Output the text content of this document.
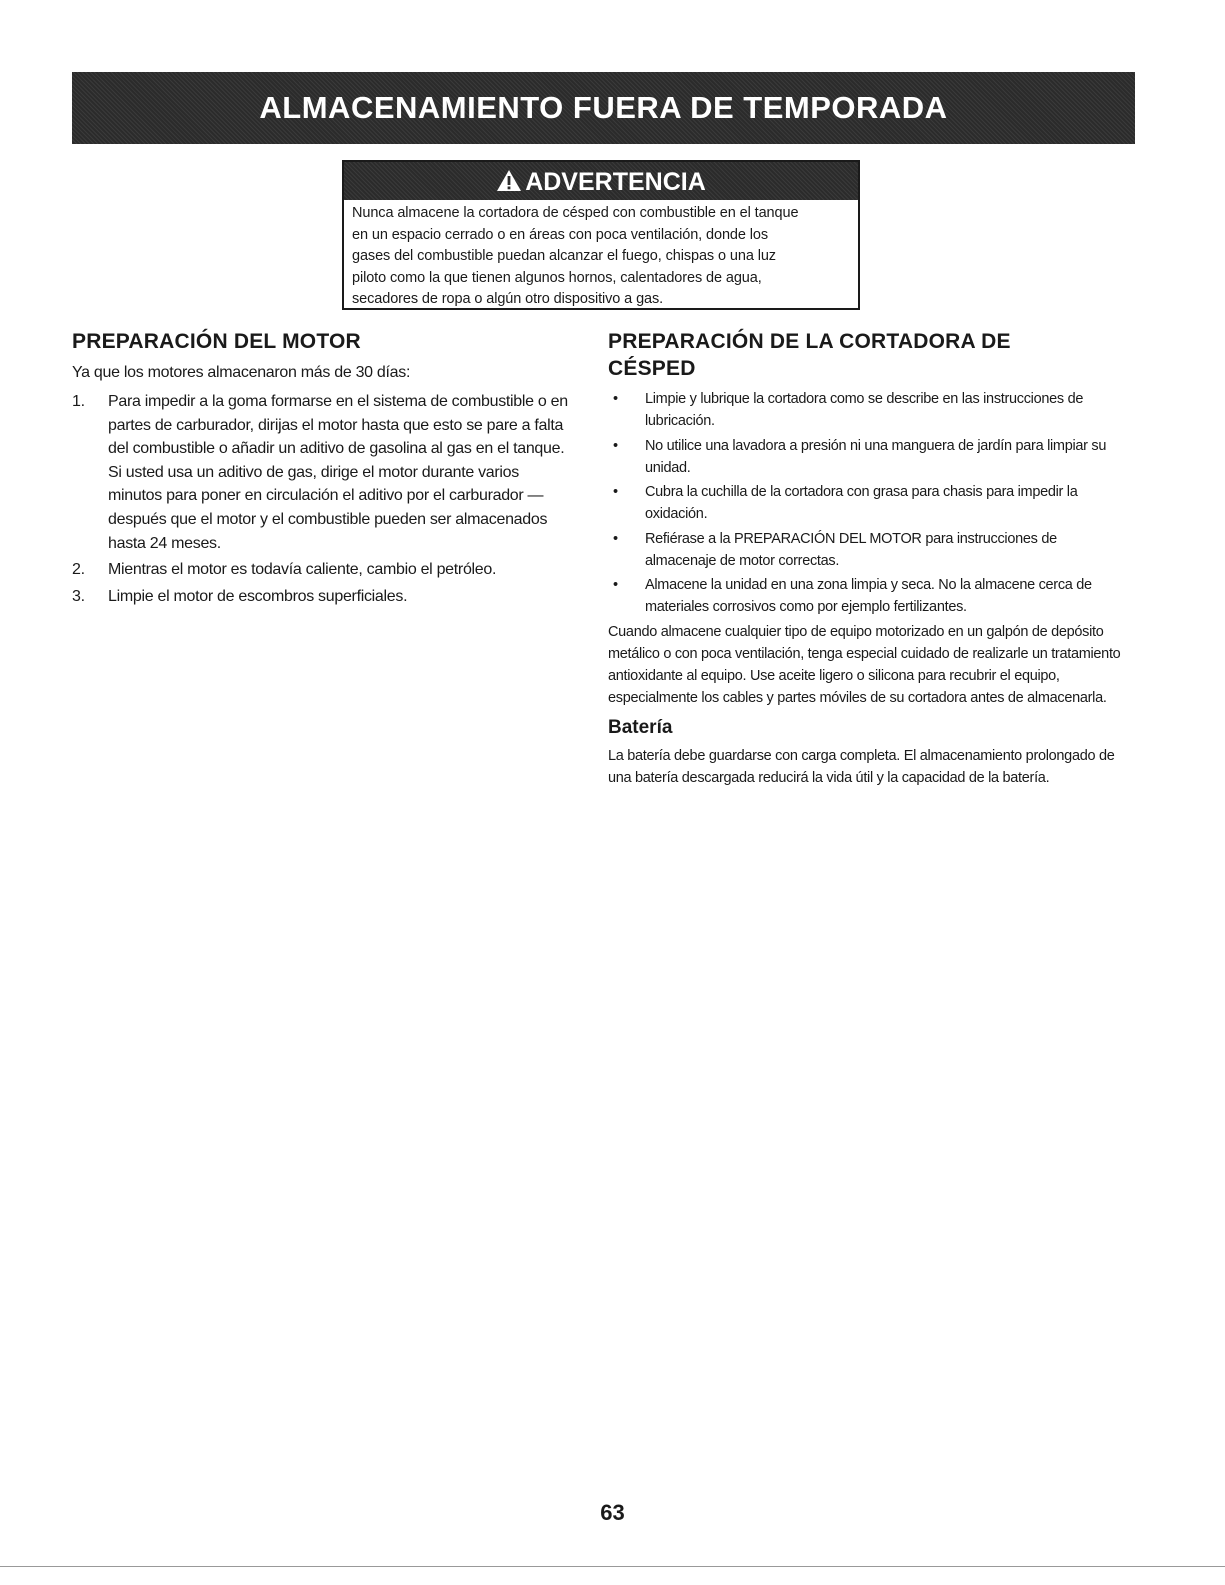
ALMACENAMIENTO FUERA DE TEMPORADA
ADVERTENCIA
Nunca almacene la cortadora de césped con combustible en el tanque
en un espacio cerrado o en áreas con poca ventilación, donde los
gases del combustible puedan alcanzar el fuego, chispas o una luz
piloto como la que tienen algunos hornos, calentadores de agua,
secadores de ropa o algún otro dispositivo a gas.
PREPARACIÓN DEL MOTOR

Ya que los motores almacenaron más de 30 días:

1. Para impedir a la goma formarse en el sistema de combustible o en partes de carburador, dirijas el motor hasta que esto se pare a falta del combustible o añadir un aditivo de gasolina al gas en el tanque. Si usted usa un aditivo de gas, dirige el motor durante varios minutos para poner en circulación el aditivo por el carburador — después que el motor y el combustible pueden ser almacenados hasta 24 meses.
2. Mientras el motor es todavía caliente, cambio el petróleo.
3. Limpie el motor de escombros superficiales.
PREPARACIÓN DE LA CORTADORA DE
CÉSPED
• Limpie y lubrique la cortadora como se describe en las instrucciones de lubricación.
• No utilice una lavadora a presión ni una manguera de jardín para limpiar su unidad.
• Cubra la cuchilla de la cortadora con grasa para chasis para impedir la oxidación.
• Refiérase a la PREPARACIÓN DEL MOTOR para instrucciones de almacenaje de motor correctas.
• Almacene la unidad en una zona limpia y seca. No la almacene cerca de materiales corrosivos como por ejemplo fertilizantes.

Cuando almacene cualquier tipo de equipo motorizado en un galpón de depósito metálico o con poca ventilación, tenga especial cuidado de realizarle un tratamiento antioxidante al equipo. Use aceite ligero o silicona para recubrir el equipo, especialmente los cables y partes móviles de su cortadora antes de almacenarla.

Batería

La batería debe guardarse con carga completa. El almacenamiento prolongado de una batería descargada reducirá la vida útil y la capacidad de la batería.

63
